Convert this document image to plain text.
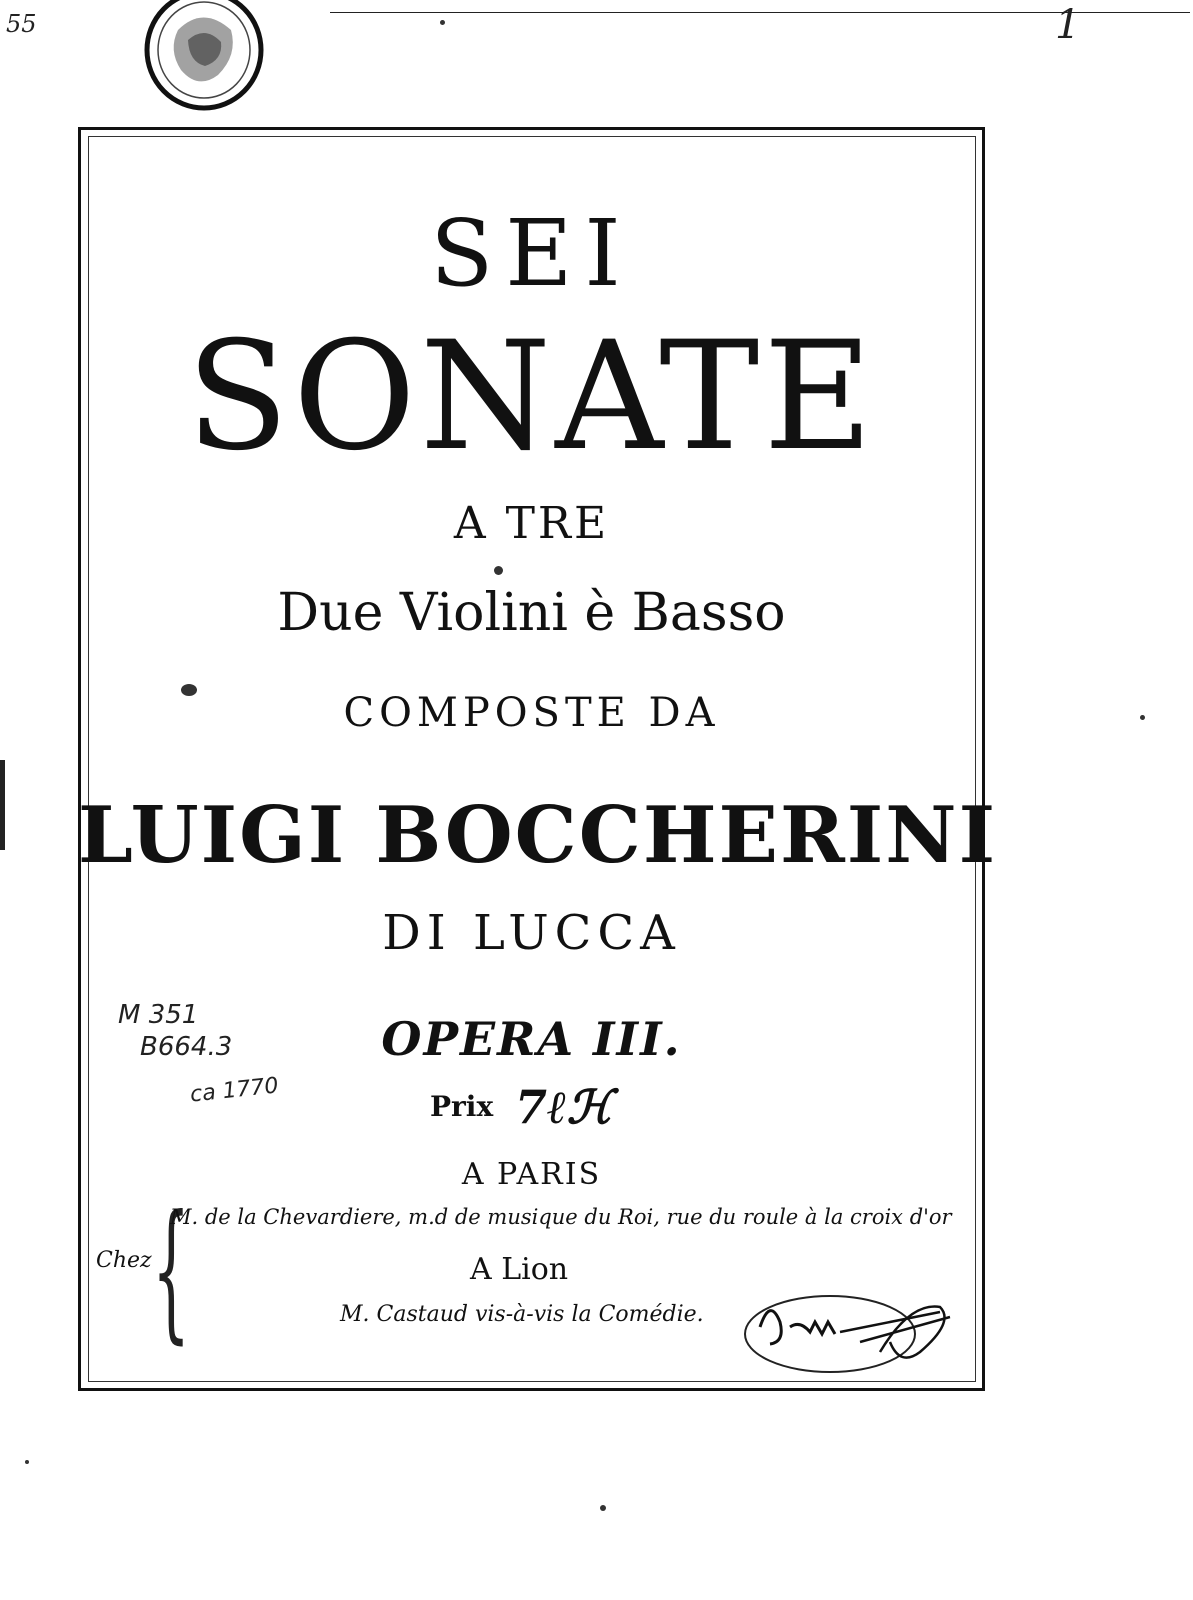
55	1
SEI
SONATE
A TRE
Due Violini è Basso
COMPOSTE DA
LUIGI BOCCHERINI
DI LUCCA
OPERA III.
Prix 7ℓℋ
A PARIS
Chez {
M. de la Chevardiere, m.d de musique du Roi, rue du roule à la croix d'or
A Lion
M. Castaud vis-à-vis la Comédie.
M 351
B664.3
ca 1770
